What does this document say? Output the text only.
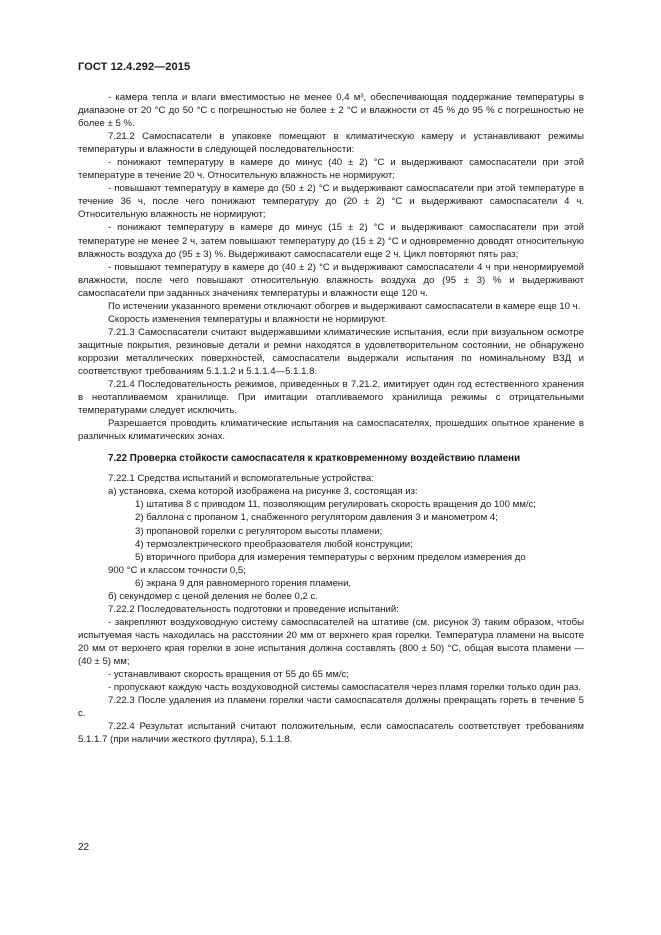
ГОСТ 12.4.292—2015

- камера тепла и влаги вместимостью не менее 0,4 м³, обеспечивающая поддержание температуры в диапазоне от 20 °С до 50 °С с погрешностью не более ± 2 °С и влажности от 45 % до 95 % с погрешностью не более ± 5 %.

7.21.2 Самоспасатели в упаковке помещают в климатическую камеру и устанавливают режимы температуры и влажности в следующей последовательности:

- понижают температуру в камере до минус (40 ± 2) °С и выдерживают самоспасатели при этой температуре в течение 20 ч. Относительную влажность не нормируют;

- повышают температуру в камере до (50 ± 2) °С и выдерживают самоспасатели при этой температуре в течение 36 ч, после чего понижают температуру до (20 ± 2) °С и выдерживают самоспасатели 4 ч. Относительную влажность не нормируют;

- понижают температуру в камере до минус (15 ± 2) °С и выдерживают самоспасатели при этой температуре не менее 2 ч, затем повышают температуру до (15 ± 2) °С и одновременно доводят относительную влажность воздуха до (95 ± 3) %. Выдерживают самоспасатели еще 2 ч. Цикл повторяют пять раз;

- повышают температуру в камере до (40 ± 2) °С и выдерживают самоспасатели 4 ч при ненормируемой влажности, после чего повышают относительную влажность воздуха до (95 ± 3) % и выдерживают самоспасатели при заданных значениях температуры и влажности еще 120 ч.

По истечении указанного времени отключают обогрев и выдерживают самоспасатели в камере еще 10 ч.

Скорость изменения температуры и влажности не нормируют.

7.21.3 Самоспасатели считают выдержавшими климатические испытания, если при визуальном осмотре защитные покрытия, резиновые детали и ремни находятся в удовлетворительном состоянии, не обнаружено коррозии металлических поверхностей, самоспасатели выдержали испытания по номинальному ВЗД и соответствуют требованиям 5.1.1.2 и 5.1.1.4—5.1.1.8.

7.21.4 Последовательность режимов, приведенных в 7.21.2, имитирует один год естественного хранения в неотапливаемом хранилище. При имитации отапливаемого хранилища режимы с отрицательными температурами следует исключить.

Разрешается проводить климатические испытания на самоспасателях, прошедших опытное хранение в различных климатических зонах.

7.22 Проверка стойкости самоспасателя к кратковременному воздействию пламени

7.22.1 Средства испытаний и вспомогательные устройства:

а) установка, схема которой изображена на рисунке 3, состоящая из:

1) штатива 8 с приводом 11, позволяющим регулировать скорость вращения до 100 мм/с;

2) баллона с пропаном 1, снабженного регулятором давления 3 и манометром 4;

3) пропановой горелки с регулятором высоты пламени;

4) термоэлектрического преобразователя любой конструкции;

5) вторичного прибора для измерения температуры с верхним пределом измерения до

900 °С и классом точности 0,5;

6) экрана 9 для равномерного горения пламени,

б) секундомер с ценой деления не более 0,2 с.

7.22.2 Последовательность подготовки и проведение испытаний:

- закрепляют воздуховодную систему самоспасателей на штативе (см. рисунок 3) таким образом, чтобы испытуемая часть находилась на расстоянии 20 мм от верхнего края горелки. Температура пламени на высоте 20 мм от верхнего края горелки в зоне испытания должна составлять (800 ± 50) °С, общая высота пламени — (40 ± 5) мм;

- устанавливают скорость вращения от 55 до 65 мм/с;

- пропускают каждую часть воздуховодной системы самоспасателя через пламя горелки только один раз.

7.22.3 После удаления из пламени горелки части самоспасателя должны прекращать гореть в течение 5 с.

7.22.4 Результат испытаний считают положительным, если самоспасатель соответствует требованиям 5.1.1.7 (при наличии жесткого футляра), 5.1.1.8.

22
